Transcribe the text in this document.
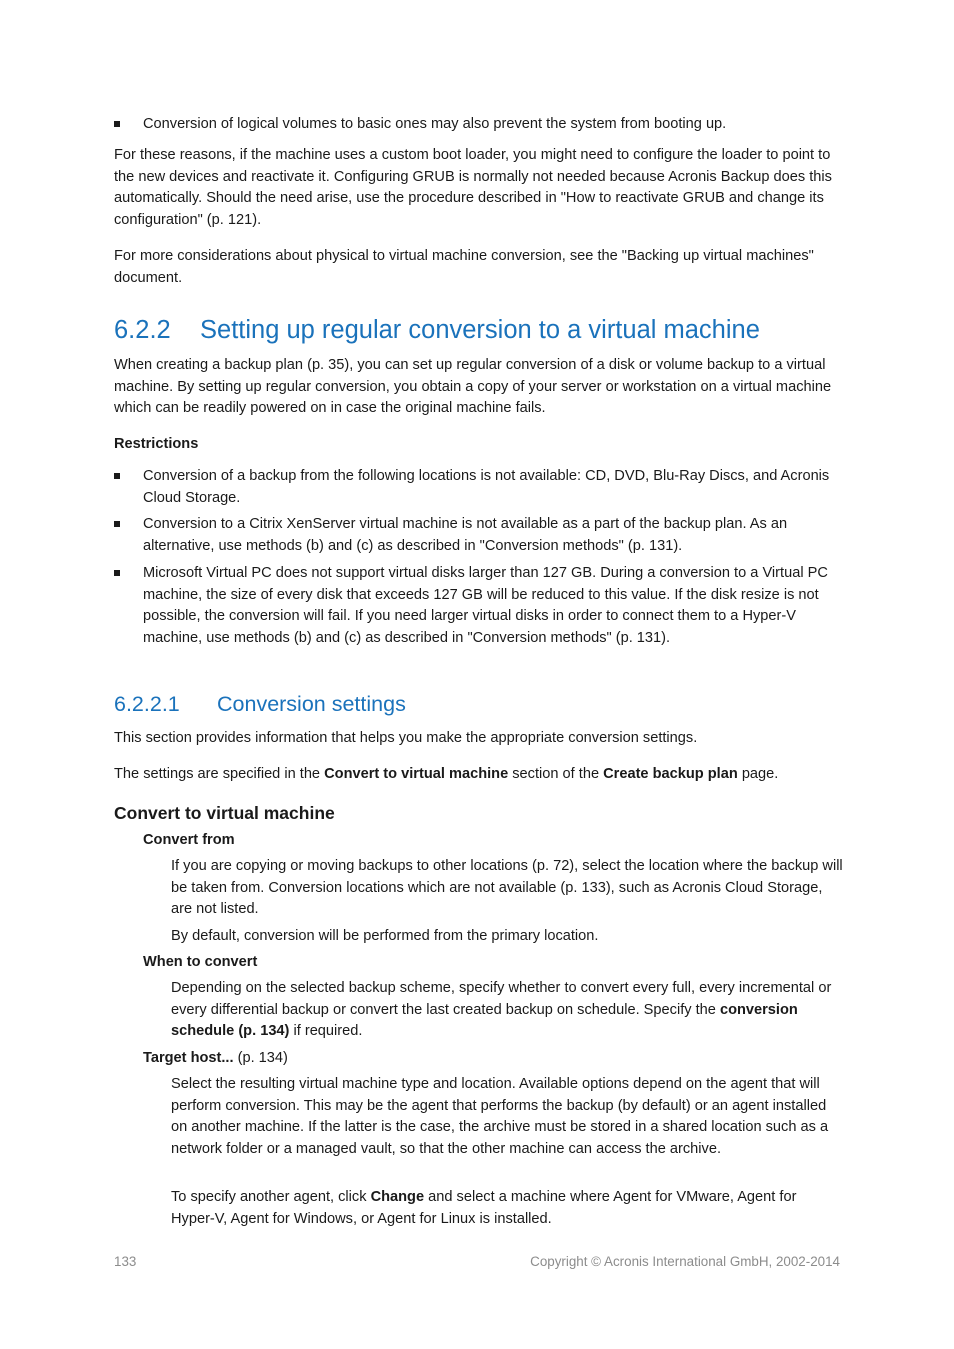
Conversion of logical volumes to basic ones may also prevent the system from booting up.

For these reasons, if the machine uses a custom boot loader, you might need to configure the loader to point to the new devices and reactivate it. Configuring GRUB is normally not needed because Acronis Backup does this automatically. Should the need arise, use the procedure described in "How to reactivate GRUB and change its configuration" (p. 121).

For more considerations about physical to virtual machine conversion, see the "Backing up virtual machines" document.

6.2.2 Setting up regular conversion to a virtual machine

When creating a backup plan (p. 35), you can set up regular conversion of a disk or volume backup to a virtual machine. By setting up regular conversion, you obtain a copy of your server or workstation on a virtual machine which can be readily powered on in case the original machine fails.

Restrictions
Conversion of a backup from the following locations is not available: CD, DVD, Blu-Ray Discs, and Acronis Cloud Storage.
Conversion to a Citrix XenServer virtual machine is not available as a part of the backup plan. As an alternative, use methods (b) and (c) as described in "Conversion methods" (p. 131).
Microsoft Virtual PC does not support virtual disks larger than 127 GB. During a conversion to a Virtual PC machine, the size of every disk that exceeds 127 GB will be reduced to this value. If the disk resize is not possible, the conversion will fail. If you need larger virtual disks in order to connect them to a Hyper-V machine, use methods (b) and (c) as described in "Conversion methods" (p. 131).
6.2.2.1 Conversion settings

This section provides information that helps you make the appropriate conversion settings.

The settings are specified in the Convert to virtual machine section of the Create backup plan page.

Convert to virtual machine
Convert from

If you are copying or moving backups to other locations (p. 72), select the location where the backup will be taken from. Conversion locations which are not available (p. 133), such as Acronis Cloud Storage, are not listed.

By default, conversion will be performed from the primary location.

When to convert

Depending on the selected backup scheme, specify whether to convert every full, every incremental or every differential backup or convert the last created backup on schedule. Specify the conversion schedule (p. 134) if required.

Target host... (p. 134)

Select the resulting virtual machine type and location. Available options depend on the agent that will perform conversion. This may be the agent that performs the backup (by default) or an agent installed on another machine. If the latter is the case, the archive must be stored in a shared location such as a network folder or a managed vault, so that the other machine can access the archive.

To specify another agent, click Change and select a machine where Agent for VMware, Agent for Hyper-V, Agent for Windows, or Agent for Linux is installed.

133	Copyright © Acronis International GmbH, 2002-2014
